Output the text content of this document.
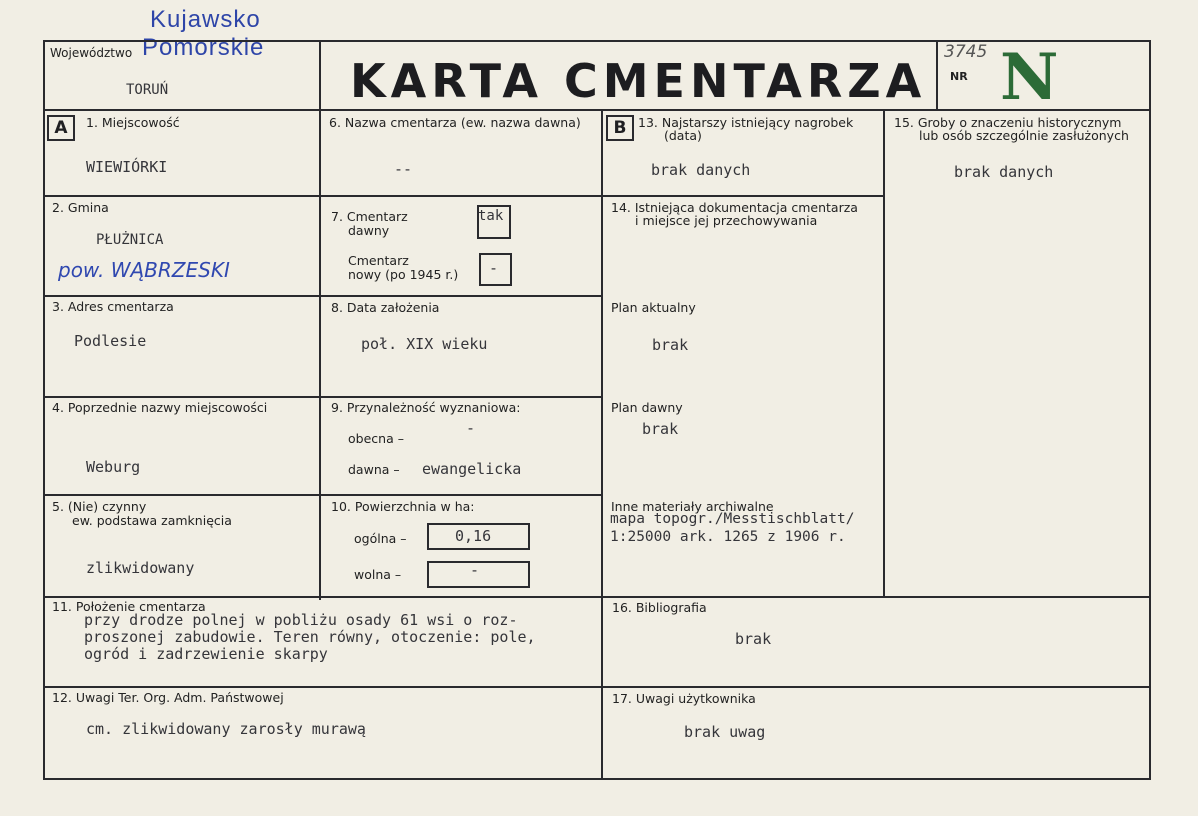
Kujawsko
Pomorskie
Województwo
TORUŃ	KARTA CMENTARZA
3745
NR N
A	1. Miejscowość
WIEWIÓRKI
2. Gmina
PŁUŻNICA
pow. WĄBRZESKI
3. Adres cmentarza
Podlesie
4. Poprzednie nazwy miejscowości
Weburg
5. (Nie) czynny
ew. podstawa zamknięcia
zlikwidowany
6. Nazwa cmentarza (ew. nazwa dawna)
--
7. Cmentarz
dawny
tak
Cmentarz
nowy (po 1945 r.) -
8. Data założenia
poł. XIX wieku
9. Przynależność wyznaniowa:
obecna –
-
dawna – ewangelicka
10. Powierzchnia w ha:
ogólna –	0,16
wolna –	-
B 13. Najstarszy istniejący nagrobek
(data)
brak danych
14. Istniejąca dokumentacja cmentarza
i miejsce jej przechowywania
Plan aktualny
brak
Plan dawny
brak
Inne materiały archiwalne
mapa topogr./Messtischblatt/
1:25000 ark. 1265 z 1906 r.
15. Groby o znaczeniu historycznym
lub osób szczególnie zasłużonych
brak danych
11. Położenie cmentarza
przy drodze polnej w pobliżu osady 61 wsi o roz-
proszonej zabudowie. Teren równy, otoczenie: pole,
ogród i zadrzewienie skarpy
16. Bibliografia
brak
12. Uwagi Ter. Org. Adm. Państwowej
cm. zlikwidowany zarosły murawą
17. Uwagi użytkownika
brak uwag
